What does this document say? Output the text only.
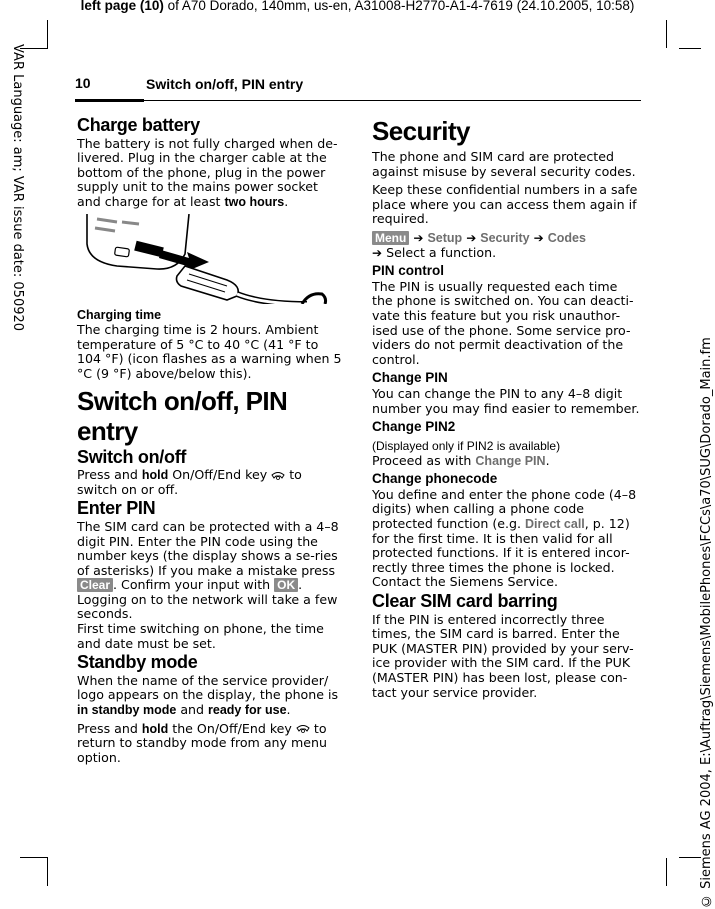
left page (10) of A70 Dorado, 140mm, us-en, A31008-H2770-A1-4-7619 (24.10.2005, 10:58)
VAR Language: am; VAR issue date: 050920
© Siemens AG 2004, E:\Auftrag\Siemens\MobilePhones\FCCs\a70\SUG\Dorado_Main.fm
10	Switch on/off, PIN entry
Charge battery

The battery is not fully charged when de-livered. Plug in the charger cable at the bottom of the phone, plug in the power supply unit to the mains power socket and charge for at least two hours.

Charging time

The charging time is 2 hours. Ambient temperature of 5 °C to 40 °C (41 °F to 104 °F) (icon flashes as a warning when 5 °C (9 °F) above/below this).

Switch on/off, PIN entry
Switch on/off

Press and hold On/Off/End key  to switch on or off.

Enter PIN

The SIM card can be protected with a 4–8 digit PIN. Enter the PIN code using the number keys (the display shows a se-ries of asterisks) If you make a mistake press Clear . Confirm your input with OK . Logging on to the network will take a few seconds.

First time switching on phone, the time and date must be set.

Standby mode

When the name of the service provider/ logo appears on the display, the phone is in standby mode and ready for use.

Press and hold the On/Off/End key  to return to standby mode from any menu option.

Security

The phone and SIM card are protected against misuse by several security codes.

Keep these confidential numbers in a safe place where you can access them again if required.

Menu ➔ Setup ➔ Security ➔ Codes
➔ Select a function.

PIN control

The PIN is usually requested each time the phone is switched on. You can deacti-vate this feature but you risk unauthor-ised use of the phone. Some service pro-viders do not permit deactivation of the control.

Change PIN

You can change the PIN to any 4–8 digit number you may find easier to remember.

Change PIN2
(Displayed only if PIN2 is available)

Proceed as with Change PIN.

Change phonecode

You define and enter the phone code (4–8 digits) when calling a phone code protected function (e.g. Direct call, p. 12) for the first time. It is then valid for all protected functions. If it is entered incor-rectly three times the phone is locked. Contact the Siemens Service.

Clear SIM card barring

If the PIN is entered incorrectly three times, the SIM card is barred. Enter the PUK (MASTER PIN) provided by your serv-ice provider with the SIM card. If the PUK (MASTER PIN) has been lost, please con-tact your service provider.
